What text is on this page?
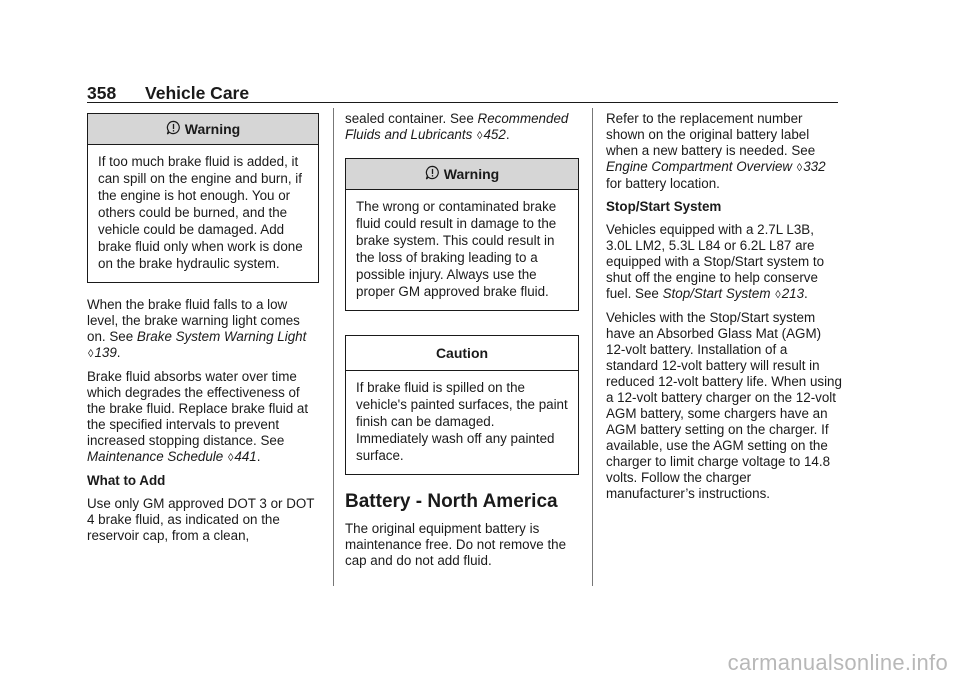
358 Vehicle Care
Warning
If too much brake fluid is added, it can spill on the engine and burn, if the engine is hot enough. You or others could be burned, and the vehicle could be damaged. Add brake fluid only when work is done on the brake hydraulic system.

When the brake fluid falls to a low level, the brake warning light comes on. See Brake System Warning Light ◊139.

Brake fluid absorbs water over time which degrades the effectiveness of the brake fluid. Replace brake fluid at the specified intervals to prevent increased stopping distance. See Maintenance Schedule ◊441.

What to Add

Use only GM approved DOT 3 or DOT 4 brake fluid, as indicated on the reservoir cap, from a clean,

sealed container. See Recommended Fluids and Lubricants ◊452.

Warning
The wrong or contaminated brake fluid could result in damage to the brake system. This could result in the loss of braking leading to a possible injury. Always use the proper GM approved brake fluid.
Caution
If brake fluid is spilled on the vehicle's painted surfaces, the paint finish can be damaged. Immediately wash off any painted surface.
Battery - North America

The original equipment battery is maintenance free. Do not remove the cap and do not add fluid.

Refer to the replacement number shown on the original battery label when a new battery is needed. See Engine Compartment Overview ◊332 for battery location.

Stop/Start System

Vehicles equipped with a 2.7L L3B, 3.0L LM2, 5.3L L84 or 6.2L L87 are equipped with a Stop/Start system to shut off the engine to help conserve fuel. See Stop/Start System ◊213.

Vehicles with the Stop/Start system have an Absorbed Glass Mat (AGM) 12-volt battery. Installation of a standard 12-volt battery will result in reduced 12-volt battery life. When using a 12-volt battery charger on the 12-volt AGM battery, some chargers have an AGM battery setting on the charger. If available, use the AGM setting on the charger to limit charge voltage to 14.8 volts. Follow the charger manufacturer’s instructions.

carmanualsonline.info
